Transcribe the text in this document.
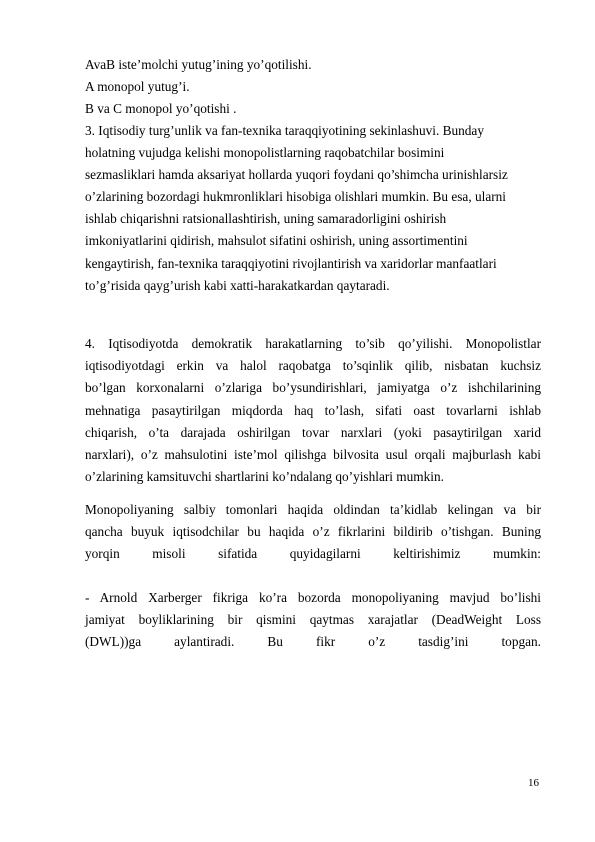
AvaB iste’molchi yutug’ining yo’qotilishi.
A monopol yutug’i.
B va C monopol yo’qotishi .
3. Iqtisodiy turg’unlik va fan-texnika taraqqiyotining sekinlashuvi. Bunday
holatning vujudga kelishi monopolistlarning raqobatchilar bosimini
sezmasliklari hamda aksariyat hollarda yuqori foydani qo’shimcha urinishlarsiz
o’zlarining bozordagi hukmronliklari hisobiga olishlari mumkin. Bu esa, ularni
ishlab chiqarishni ratsionallashtirish, uning samaradorligini oshirish
imkoniyatlarini qidirish, mahsulot sifatini oshirish, uning assortimentini
kengaytirish, fan-texnika taraqqiyotini rivojlantirish va xaridorlar manfaatlari
to’g’risida qayg’urish kabi xatti-harakatkardan qaytaradi.
4. Iqtisodiyotda demokratik harakatlarning to’sib qo’yilishi. Monopolistlar
iqtisodiyotdagi erkin va halol raqobatga to’sqinlik qilib, nisbatan kuchsiz
bo’lgan korxonalarni o’zlariga bo’ysundirishlari, jamiyatga o’z ishchilarining
mehnatiga pasaytirilgan miqdorda haq to’lash, sifati oast tovarlarni ishlab
chiqarish, o’ta darajada oshirilgan tovar narxlari (yoki pasaytirilgan xarid
narxlari), o’z mahsulotini iste’mol qilishga bilvosita usul orqali majburlash kabi
o’zlarining kamsituvchi shartlarini ko’ndalang qo’yishlari mumkin.
Monopoliyaning salbiy tomonlari haqida oldindan ta’kidlab kelingan va bir
qancha buyuk iqtisodchilar bu haqida o’z fikrlarini bildirib o’tishgan. Buning
yorqin misoli sifatida quyidagilarni keltirishimiz mumkin:
- Arnold Xarberger fikriga ko’ra bozorda monopoliyaning mavjud bo’lishi
jamiyat boyliklarining bir qismini qaytmas xarajatlar (DeadWeight Loss
(DWL))ga aylantiradi. Bu fikr o’z tasdig’ini topgan.
16
